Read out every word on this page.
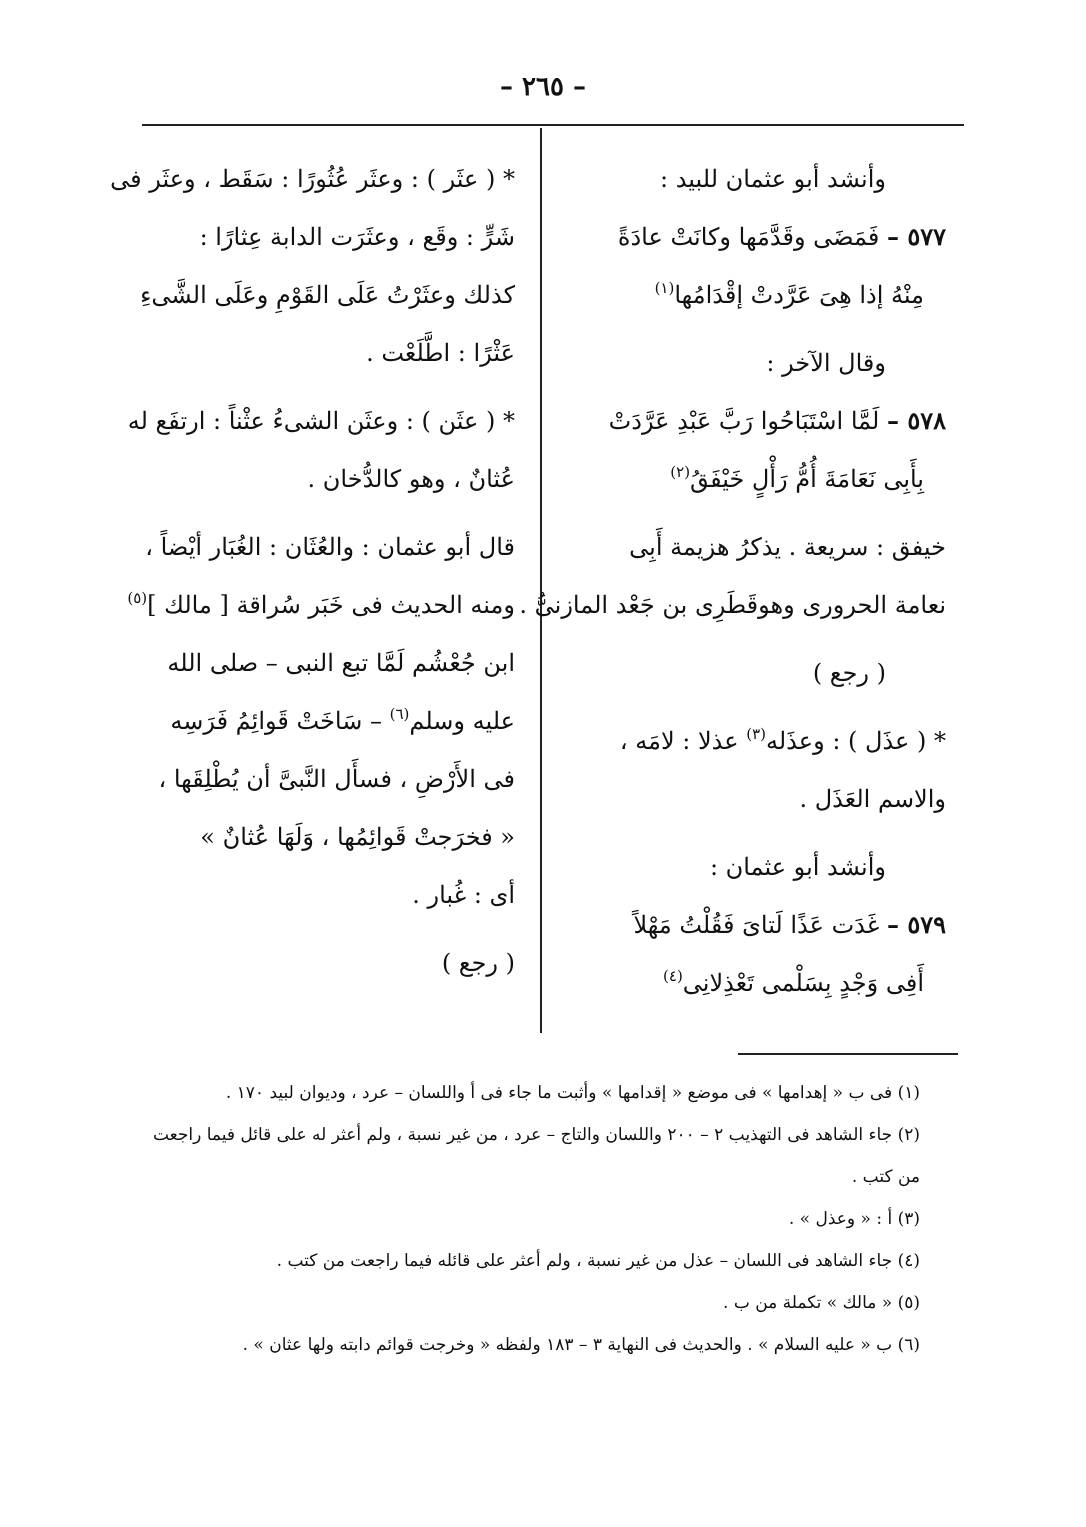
– ٢٦٥ –
وأنشد أبو عثمان للبيد :
٥٧٧ – فَمَضَى وقَدَّمَها وكانَتْ عادَةً
مِنْهُ إذا هِىَ عَرَّدتْ إقْدَامُها$^{(١)}$
وقال الآخر :
٥٧٨ – لَمَّا اسْتَبَاحُوا رَبَّ عَبْدِ عَرَّدَتْ
بِأَبِى نَعَامَةَ أُمُّ رَأْلٍ خَيْفَقُ$^{(٢)}$
خيفق : سريعة . يذكرُ هزيمة أَبِى
نعامة الحرورى وهوقَطَرِى بن جَعْد المازنىُّ .
( رجع )
* ( عذَل ) : وعذَله$^{(٣)}$ عذلا : لامَه ،
والاسم العَذَل .
وأنشد أبو عثمان :
٥٧٩ – غَدَت عَذًا لَتاىَ فَقُلْتُ مَهْلاً
أَفِى وَجْدٍ بِسَلْمى تَعْذِلانِى$^{(٤)}$
* ( عثَر ) : وعثَر عُثُورًا : سَقَط ، وعثَر فى
شَرٍّ : وقَع ، وعثَرَت الدابة عِثارًا :
كذلك وعثَرْتُ عَلَى القَوْمِ وعَلَى الشَّىءِ
عَثْرًا : اطَّلَعْت .
* ( عثَن ) : وعثَن الشىءُ عثْناً : ارتفَع له
عُثانٌ ، وهو كالدُّخان .
قال أبو عثمان : والعُثَان : الغُبَار أيْضاً ،
ومنه الحديث فى خَبَر سُراقة [ مالك ]$^{(٥)}$
ابن جُعْشُم لَمَّا تبع النبى – صلى الله
عليه وسلم$^{(٦)}$ – سَاخَتْ قَوائِمُ فَرَسِه
فى الأَرْضِ ، فسأَل النَّبىَّ أن يُطْلِقَها ،
« فخرَجتْ قَوائِمُها ، وَلَهَا عُثانٌ »
أى : غُبار .
( رجع )
(١) فى ب « إهدامها » فى موضع « إقدامها » وأثبت ما جاء فى أ واللسان – عرد ، وديوان لبيد ١٧٠ .
(٢) جاء الشاهد فى التهذيب ٢ – ٢٠٠ واللسان والتاج – عرد ، من غير نسبة ، ولم أعثر له على قائل فيما راجعت
من كتب .
(٣) أ : « وعذل » .
(٤) جاء الشاهد فى اللسان – عذل من غير نسبة ، ولم أعثر على قائله فيما راجعت من كتب .
(٥) « مالك » تكملة من ب .
(٦) ب « عليه السلام » . والحديث فى النهاية ٣ – ١٨٣ ولفظه « وخرجت قوائم دابته ولها عثان » .
